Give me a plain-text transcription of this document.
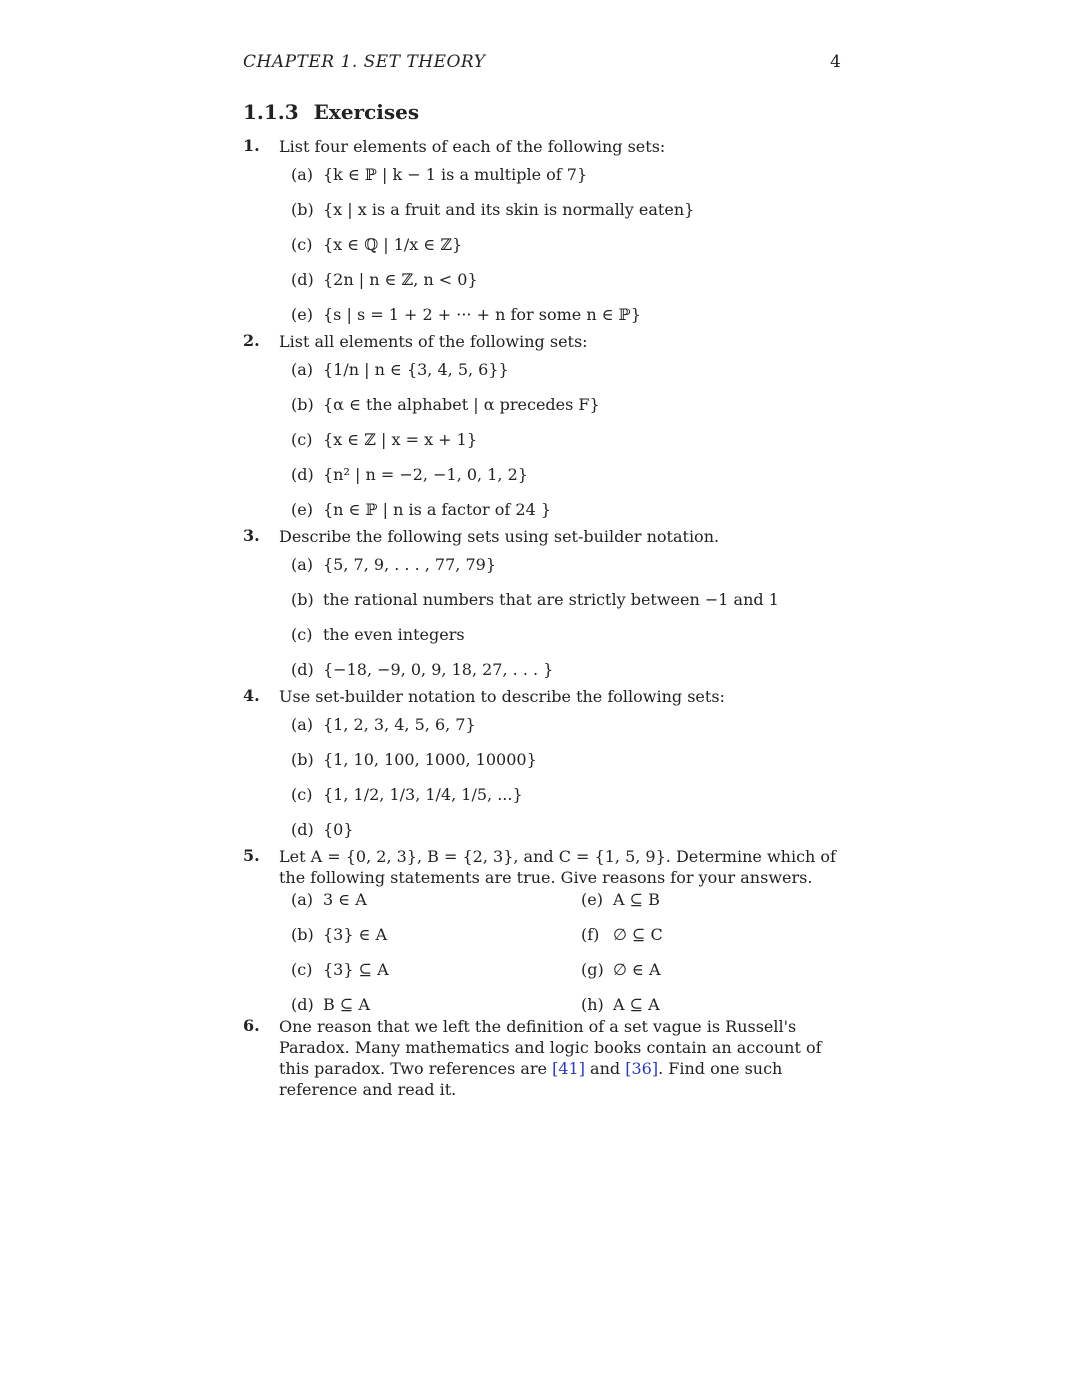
CHAPTER 1. SET THEORY	4
1.1.3 Exercises
1. List four elements of each of the following sets:
(a) {k ∈ ℙ | k − 1 is a multiple of 7}
(b) {x | x is a fruit and its skin is normally eaten}
(c) {x ∈ ℚ | 1/x ∈ ℤ}
(d) {2n | n ∈ ℤ, n < 0}
(e) {s | s = 1 + 2 + ··· + n for some n ∈ ℙ}
2. List all elements of the following sets:
(a) {1/n | n ∈ {3, 4, 5, 6}}
(b) {α ∈ the alphabet | α precedes F}
(c) {x ∈ ℤ | x = x + 1}
(d) {n² | n = −2, −1, 0, 1, 2}
(e) {n ∈ ℙ | n is a factor of 24 }
3. Describe the following sets using set-builder notation.
(a) {5, 7, 9, . . . , 77, 79}
(b) the rational numbers that are strictly between −1 and 1
(c) the even integers
(d) {−18, −9, 0, 9, 18, 27, . . . }
4. Use set-builder notation to describe the following sets:
(a) {1, 2, 3, 4, 5, 6, 7}
(b) {1, 10, 100, 1000, 10000}
(c) {1, 1/2, 1/3, 1/4, 1/5, ...}
(d) {0}
5. Let A = {0, 2, 3}, B = {2, 3}, and C = {1, 5, 9}. Determine which of the following statements are true. Give reasons for your answers.
(a) 3 ∈ A	(e) A ⊆ B
(b) {3} ∈ A	(f) ∅ ⊆ C
(c) {3} ⊆ A	(g) ∅ ∈ A
(d) B ⊆ A	(h) A ⊆ A
6. One reason that we left the definition of a set vague is Russell's Paradox. Many mathematics and logic books contain an account of this paradox. Two references are [41] and [36]. Find one such reference and read it.
